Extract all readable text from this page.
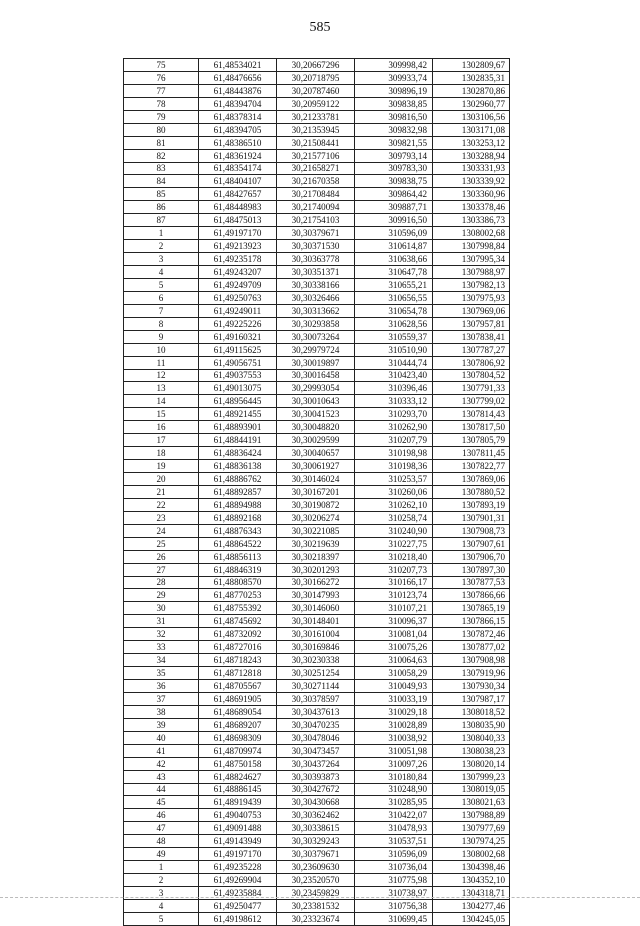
585
75	61,48534021	30,20667296	309998,42	1302809,67
76	61,48476656	30,20718795	309933,74	1302835,31
77	61,48443876	30,20787460	309896,19	1302870,86
78	61,48394704	30,20959122	309838,85	1302960,77
79	61,48378314	30,21233781	309816,50	1303106,56
80	61,48394705	30,21353945	309832,98	1303171,08
81	61,48386510	30,21508441	309821,55	1303253,12
82	61,48361924	30,21577106	309793,14	1303288,94
83	61,48354174	30,21658271	309783,30	1303331,93
84	61,48404107	30,21670358	309838,75	1303339,92
85	61,48427657	30,21708484	309864,42	1303360,96
86	61,48448983	30,21740094	309887,71	1303378,46
87	61,48475013	30,21754103	309916,50	1303386,73
1	61,49197170	30,30379671	310596,09	1308002,68
2	61,49213923	30,30371530	310614,87	1307998,84
3	61,49235178	30,30363778	310638,66	1307995,34
4	61,49243207	30,30351371	310647,78	1307988,97
5	61,49249709	30,30338166	310655,21	1307982,13
6	61,49250763	30,30326466	310656,55	1307975,93
7	61,49249011	30,30313662	310654,78	1307969,06
8	61,49225226	30,30293858	310628,56	1307957,81
9	61,49160321	30,30073264	310559,37	1307838,41
10	61,49115625	30,29979724	310510,90	1307787,27
11	61,49056751	30,30019897	310444,74	1307806,92
12	61,49037553	30,30016458	310423,40	1307804,52
13	61,49013075	30,29993054	310396,46	1307791,33
14	61,48956445	30,30010643	310333,12	1307799,02
15	61,48921455	30,30041523	310293,70	1307814,43
16	61,48893901	30,30048820	310262,90	1307817,50
17	61,48844191	30,30029599	310207,79	1307805,79
18	61,48836424	30,30040657	310198,98	1307811,45
19	61,48836138	30,30061927	310198,36	1307822,77
20	61,48886762	30,30146024	310253,57	1307869,06
21	61,48892857	30,30167201	310260,06	1307880,52
22	61,48894988	30,30190872	310262,10	1307893,19
23	61,48892168	30,30206274	310258,74	1307901,31
24	61,48876343	30,30221085	310240,90	1307908,73
25	61,48864522	30,30219639	310227,75	1307907,61
26	61,48856113	30,30218397	310218,40	1307906,70
27	61,48846319	30,30201293	310207,73	1307897,30
28	61,48808570	30,30166272	310166,17	1307877,53
29	61,48770253	30,30147993	310123,74	1307866,66
30	61,48755392	30,30146060	310107,21	1307865,19
31	61,48745692	30,30148401	310096,37	1307866,15
32	61,48732092	30,30161004	310081,04	1307872,46
33	61,48727016	30,30169846	310075,26	1307877,02
34	61,48718243	30,30230338	310064,63	1307908,98
35	61,48712818	30,30251254	310058,29	1307919,96
36	61,48705567	30,30271144	310049,93	1307930,34
37	61,48691905	30,30378597	310033,19	1307987,17
38	61,48689054	30,30437613	310029,18	1308018,52
39	61,48689207	30,30470235	310028,89	1308035,90
40	61,48698309	30,30478046	310038,92	1308040,33
41	61,48709974	30,30473457	310051,98	1308038,23
42	61,48750158	30,30437264	310097,26	1308020,14
43	61,48824627	30,30393873	310180,84	1307999,23
44	61,48886145	30,30427672	310248,90	1308019,05
45	61,48919439	30,30430668	310285,95	1308021,63
46	61,49040753	30,30362462	310422,07	1307988,89
47	61,49091488	30,30338615	310478,93	1307977,69
48	61,49143949	30,30329243	310537,51	1307974,25
49	61,49197170	30,30379671	310596,09	1308002,68
1	61,49235228	30,23609630	310736,04	1304398,46
2	61,49269904	30,23520570	310775,98	1304352,10
3	61,49235884	30,23459829	310738,97	1304318,71
4	61,49250477	30,23381532	310756,38	1304277,46
5	61,49198612	30,23323674	310699,45	1304245,05
